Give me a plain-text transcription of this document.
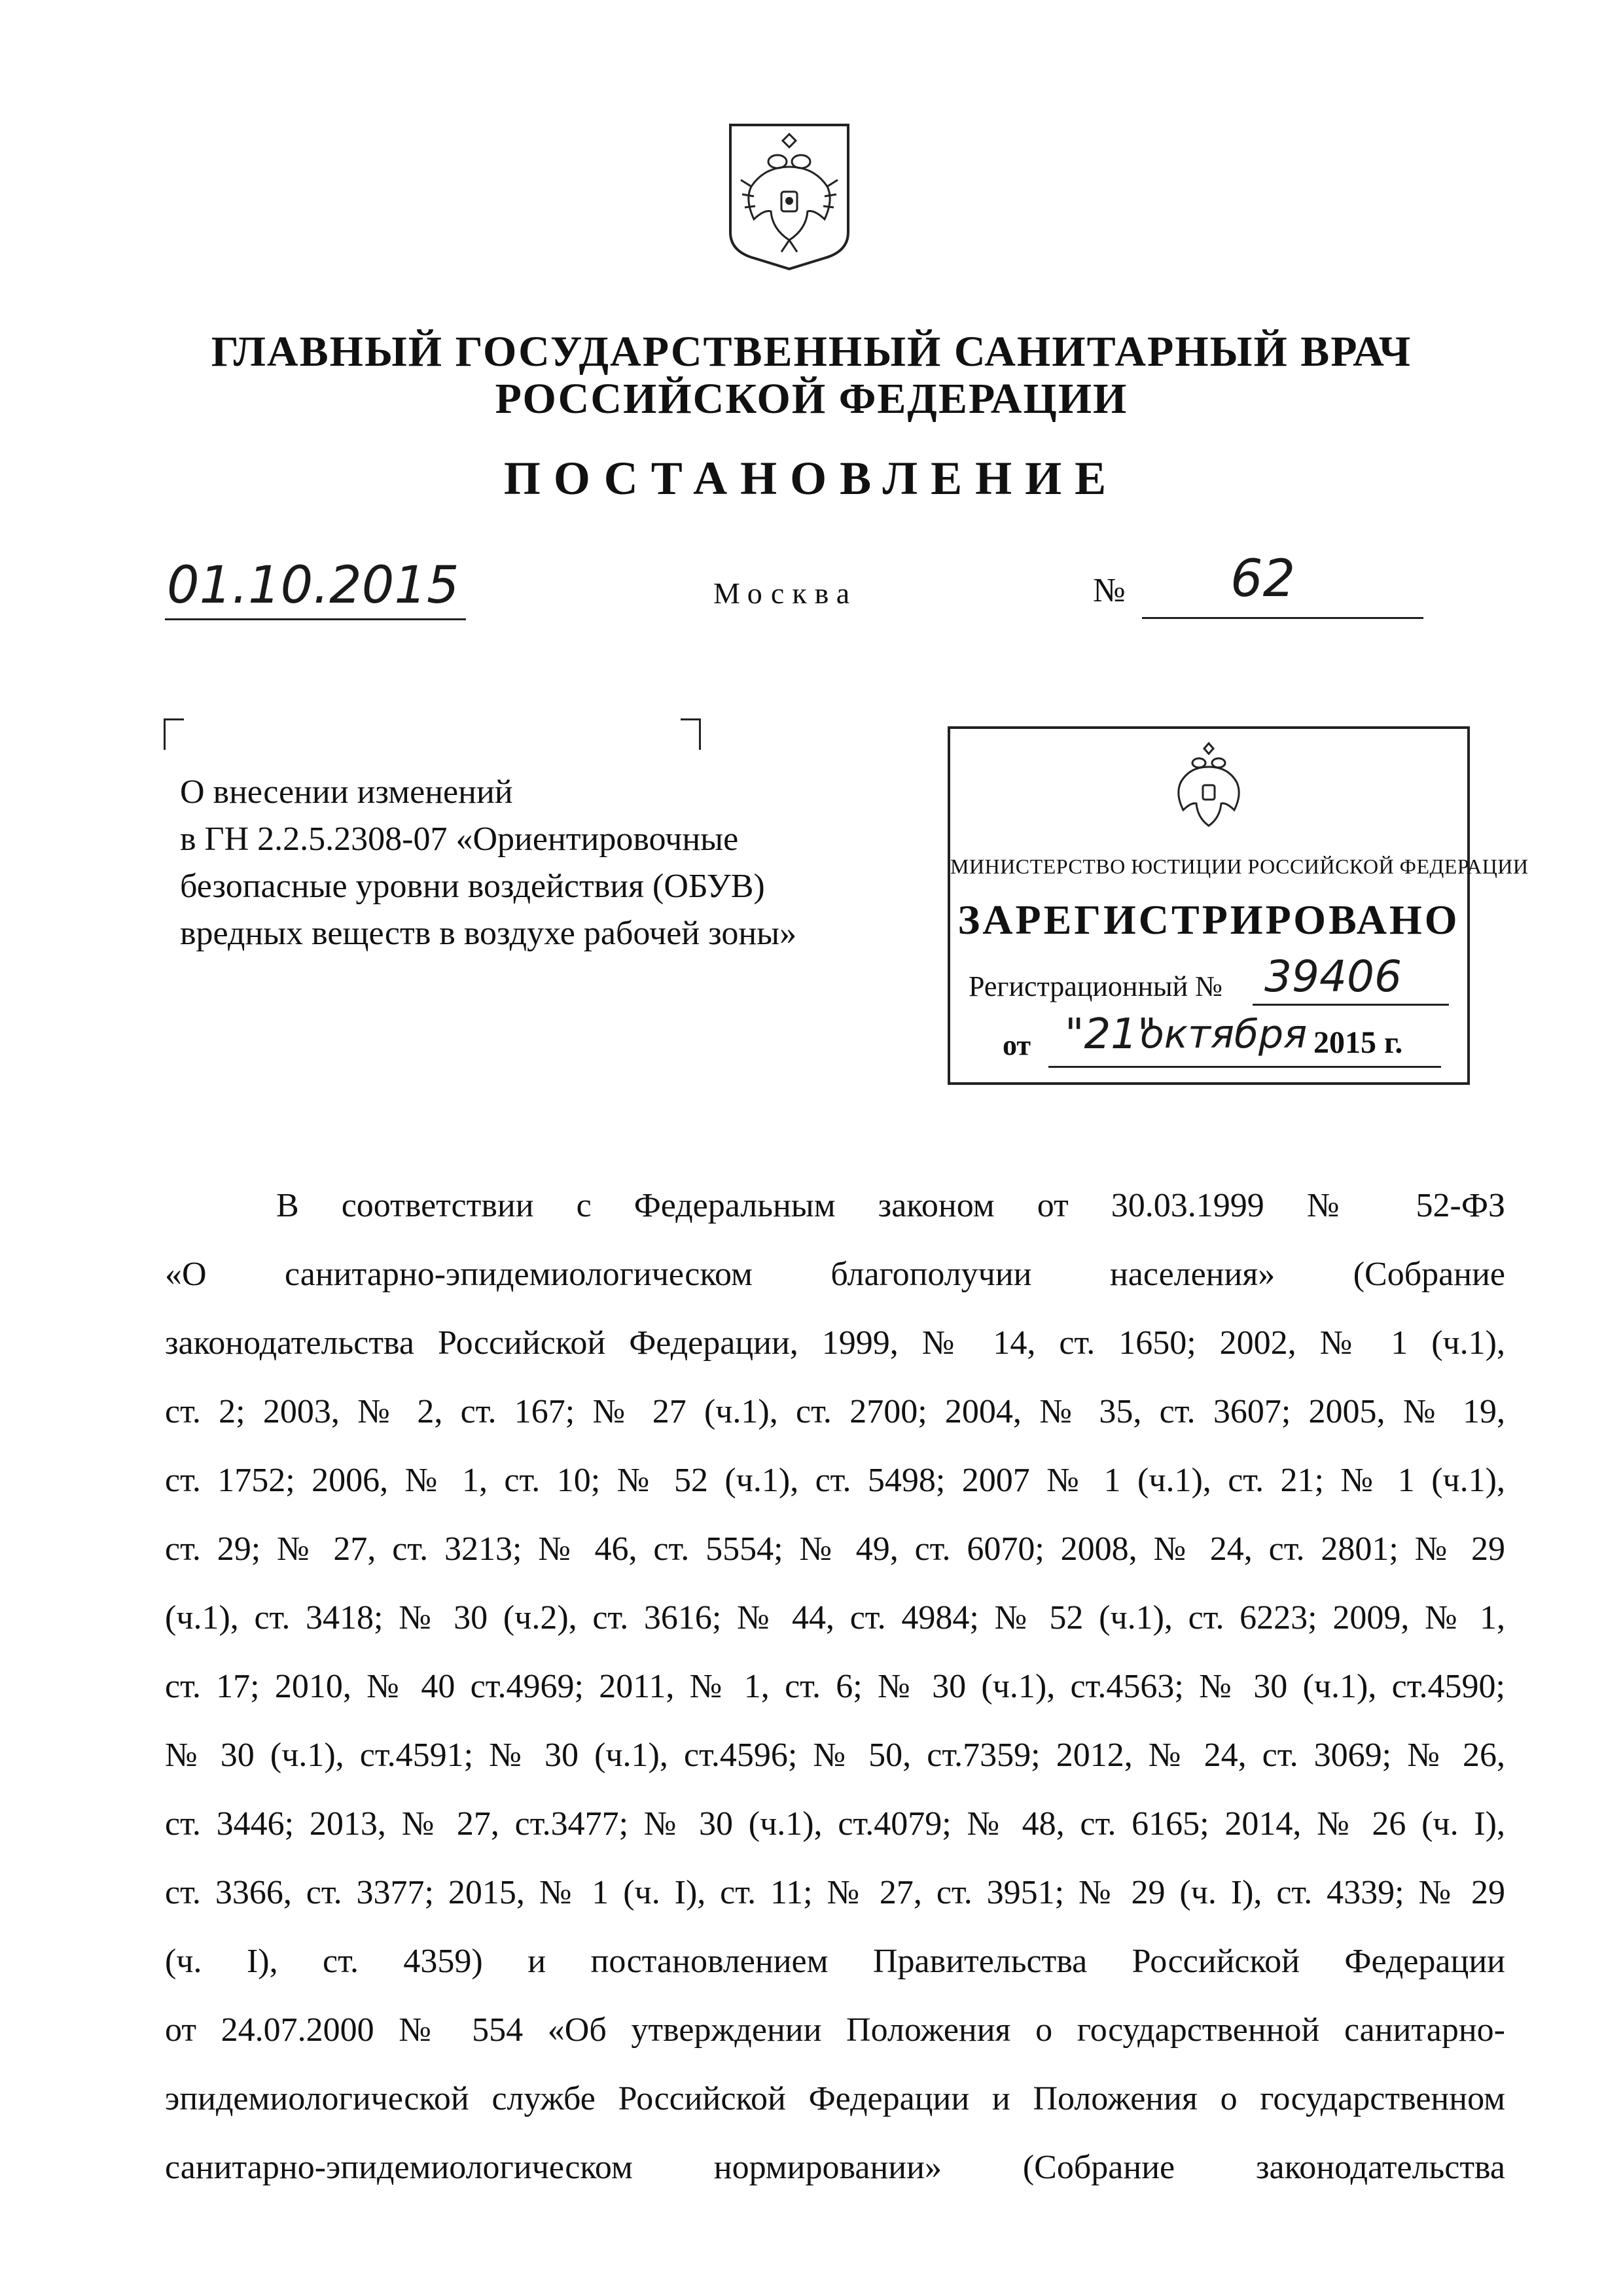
ГЛАВНЫЙ ГОСУДАРСТВЕННЫЙ САНИТАРНЫЙ ВРАЧ
РОССИЙСКОЙ ФЕДЕРАЦИИ
ПОСТАНОВЛЕНИЕ
01.10.2015	Москва	№ 62
О внесении изменений
в ГН 2.2.5.2308-07 «Ориентировочные
безопасные уровни воздействия (ОБУВ)
вредных веществ в воздухе рабочей зоны»
МИНИСТЕРСТВО ЮСТИЦИИ РОССИЙСКОЙ ФЕДЕРАЦИИ
ЗАРЕГИСТРИРОВАНО
Регистрационный № 39406
от "21"
октября 2015 г.
В соответствии с Федеральным законом от 30.03.1999 № 52-ФЗ
«О санитарно-эпидемиологическом благополучии населения» (Собрание
законодательства Российской Федерации, 1999, № 14, ст. 1650; 2002, № 1 (ч.1),
ст. 2; 2003, № 2, ст. 167; № 27 (ч.1), ст. 2700; 2004, № 35, ст. 3607; 2005, № 19,
ст. 1752; 2006, № 1, ст. 10; № 52 (ч.1), ст. 5498; 2007 № 1 (ч.1), ст. 21; № 1 (ч.1),
ст. 29; № 27, ст. 3213; № 46, ст. 5554; № 49, ст. 6070; 2008, № 24, ст. 2801; № 29
(ч.1), ст. 3418; № 30 (ч.2), ст. 3616; № 44, ст. 4984; № 52 (ч.1), ст. 6223; 2009, № 1,
ст. 17; 2010, № 40 ст.4969; 2011, № 1, ст. 6; № 30 (ч.1), ст.4563; № 30 (ч.1), ст.4590;
№ 30 (ч.1), ст.4591; № 30 (ч.1), ст.4596; № 50, ст.7359; 2012, № 24, ст. 3069; № 26,
ст. 3446; 2013, № 27, ст.3477; № 30 (ч.1), ст.4079; № 48, ст. 6165; 2014, № 26 (ч. I),
ст. 3366, ст. 3377; 2015, № 1 (ч. I), ст. 11; № 27, ст. 3951; № 29 (ч. I), ст. 4339; № 29
(ч. I), ст. 4359) и постановлением Правительства Российской Федерации
от 24.07.2000 № 554 «Об утверждении Положения о государственной санитарно-
эпидемиологической службе Российской Федерации и Положения о государственном
санитарно-эпидемиологическом нормировании» (Собрание законодательства
